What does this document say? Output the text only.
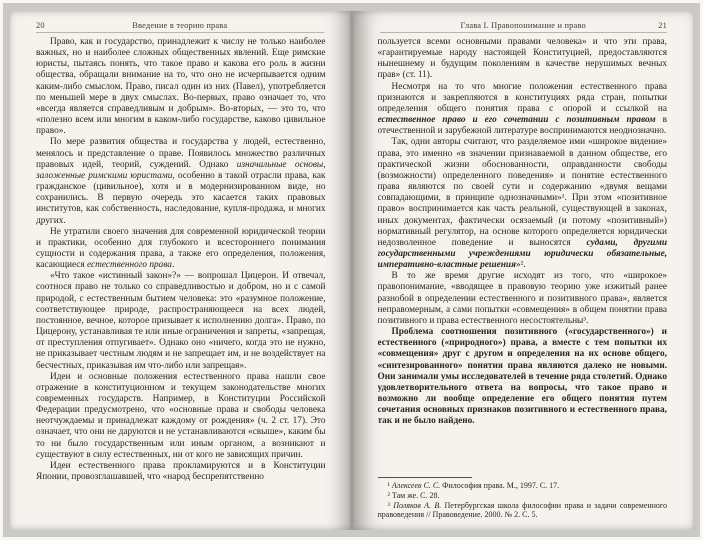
20	Введение в теорию права

Право, как и государство, принадлежит к числу не только наиболее важных, но и наиболее сложных общественных явлений. Еще римские юристы, пытаясь понять, что такое право и какова его роль в жизни общества, обращали внимание на то, что оно не исчерпывается одним каким-либо смыслом. Право, писал один из них (Павел), употребляется по меньшей мере в двух смыслах. Во-первых, право означает то, что «всегда является справедливым и добрым». Во-вторых, — это то, что «полезно всем или многим в каком-либо государстве, каково цивильное право».

По мере развития общества и государства у людей, естественно, менялось и представление о праве. Появилось множество различных правовых идей, теорий, суждений. Однако изначальные основы, заложенные римскими юристами, особенно в такой отрасли права, как гражданское (цивильное), хотя и в модернизированном виде, но сохранились. В первую очередь это касается таких правовых институтов, как собственность, наследование, купля-продажа, и многих других.

Не утратили своего значения для современной юридической теории и практики, особенно для глубокого и всестороннего понимания сущности и содержания права, а также его определения, положения, касающиеся естественного права.

«Что такое «истинный закон»?» — вопрошал Цицерон. И отвечал, соотнося право не только со справедливостью и добром, но и с самой природой, с естественным бытием человека: это «разумное положение, соответствующее природе, распространяющееся на всех людей, постоянное, вечное, которое призывает к исполнению долга». Право, по Цицерону, устанавливая те или иные ограничения и запреты, «запрещая, от преступления отпугивает». Однако оно «ничего, когда это не нужно, не приказывает честным людям и не запрещает им, и не воздействует на бесчестных, приказывая им что-либо или запрещая».

Идеи и основные положения естественного права нашли свое отражение в конституционном и текущем законодательстве многих современных государств. Например, в Конституции Российской Федерации предусмотрено, что «основные права и свободы человека неотчуждаемы и принадлежат каждому от рождения» (ч. 2 ст. 17). Это означает, что они не даруются и не устанавливаются «свыше», каким бы то ни было государственным или иным органом, а возникают и существуют в силу естественных, ни от кого не зависящих причин.

Идеи естественного права прокламируются и в Конституции Японии, провозглашавшей, что «народ беспрепятственно

Глава I. Правопонимание и право	21

пользуется всеми основными правами человека» и что эти права, «гарантируемые народу настоящей Конституцией, предоставляются нынешнему и будущим поколениям в качестве нерушимых вечных прав» (ст. 11).

Несмотря на то что многие положения естественного права признаются и закрепляются в конституциях ряда стран, попытки определения общего понятия права с опорой и ссылкой на естественное право и его сочетании с позитивным правом в отечественной и зарубежной литературе воспринимаются неоднозначно.

Так, одни авторы считают, что разделяемое ими «широкое видение» права, это именно «в значении признаваемой в данном обществе, его практической жизни обоснованности, оправданности свободы (возможности) определенного поведения» и понятие естественного права являются по своей сути и содержанию «двумя вещами совпадающими, в принципе однозначными»¹. При этом «позитивное право» воспринимается как часть реальной, существующей в законах, иных документах, фактически осязаемый (и потому «позитивный») нормативный регулятор, на основе которого определяется юридически недозволенное поведение и выносятся судами, другими государственными учреждениями юридически обязательные, императивно-властные решения»².

В то же время другие исходят из того, что «широкое» правопонимание, «вводящее в правовую теорию уже изжитый ранее разнобой в определении естественного и позитивного права», является неправомерным, а сами попытки «совмещения» в общем понятии права позитивного и права естественного несостоятельны³.

Проблема соотношения позитивного («государственного») и естественного («природного») права, а вместе с тем попытки их «совмещения» друг с другом и определения на их основе общего, «синтезированного» понятия права являются далеко не новыми. Они занимали умы исследователей в течение ряда столетий. Однако удовлетворительного ответа на вопросы, что такое право и возможно ли вообще определение его общего понятия путем сочетания основных признаков позитивного и естественного права, так и не было найдено.

¹ Алексеев С. С. Философия права. М., 1997. С. 17.

² Там же. С. 28.

³ Поляков А. В. Петербургская школа философии права и задачи современного правоведения // Правоведение. 2000. № 2. С. 5.
